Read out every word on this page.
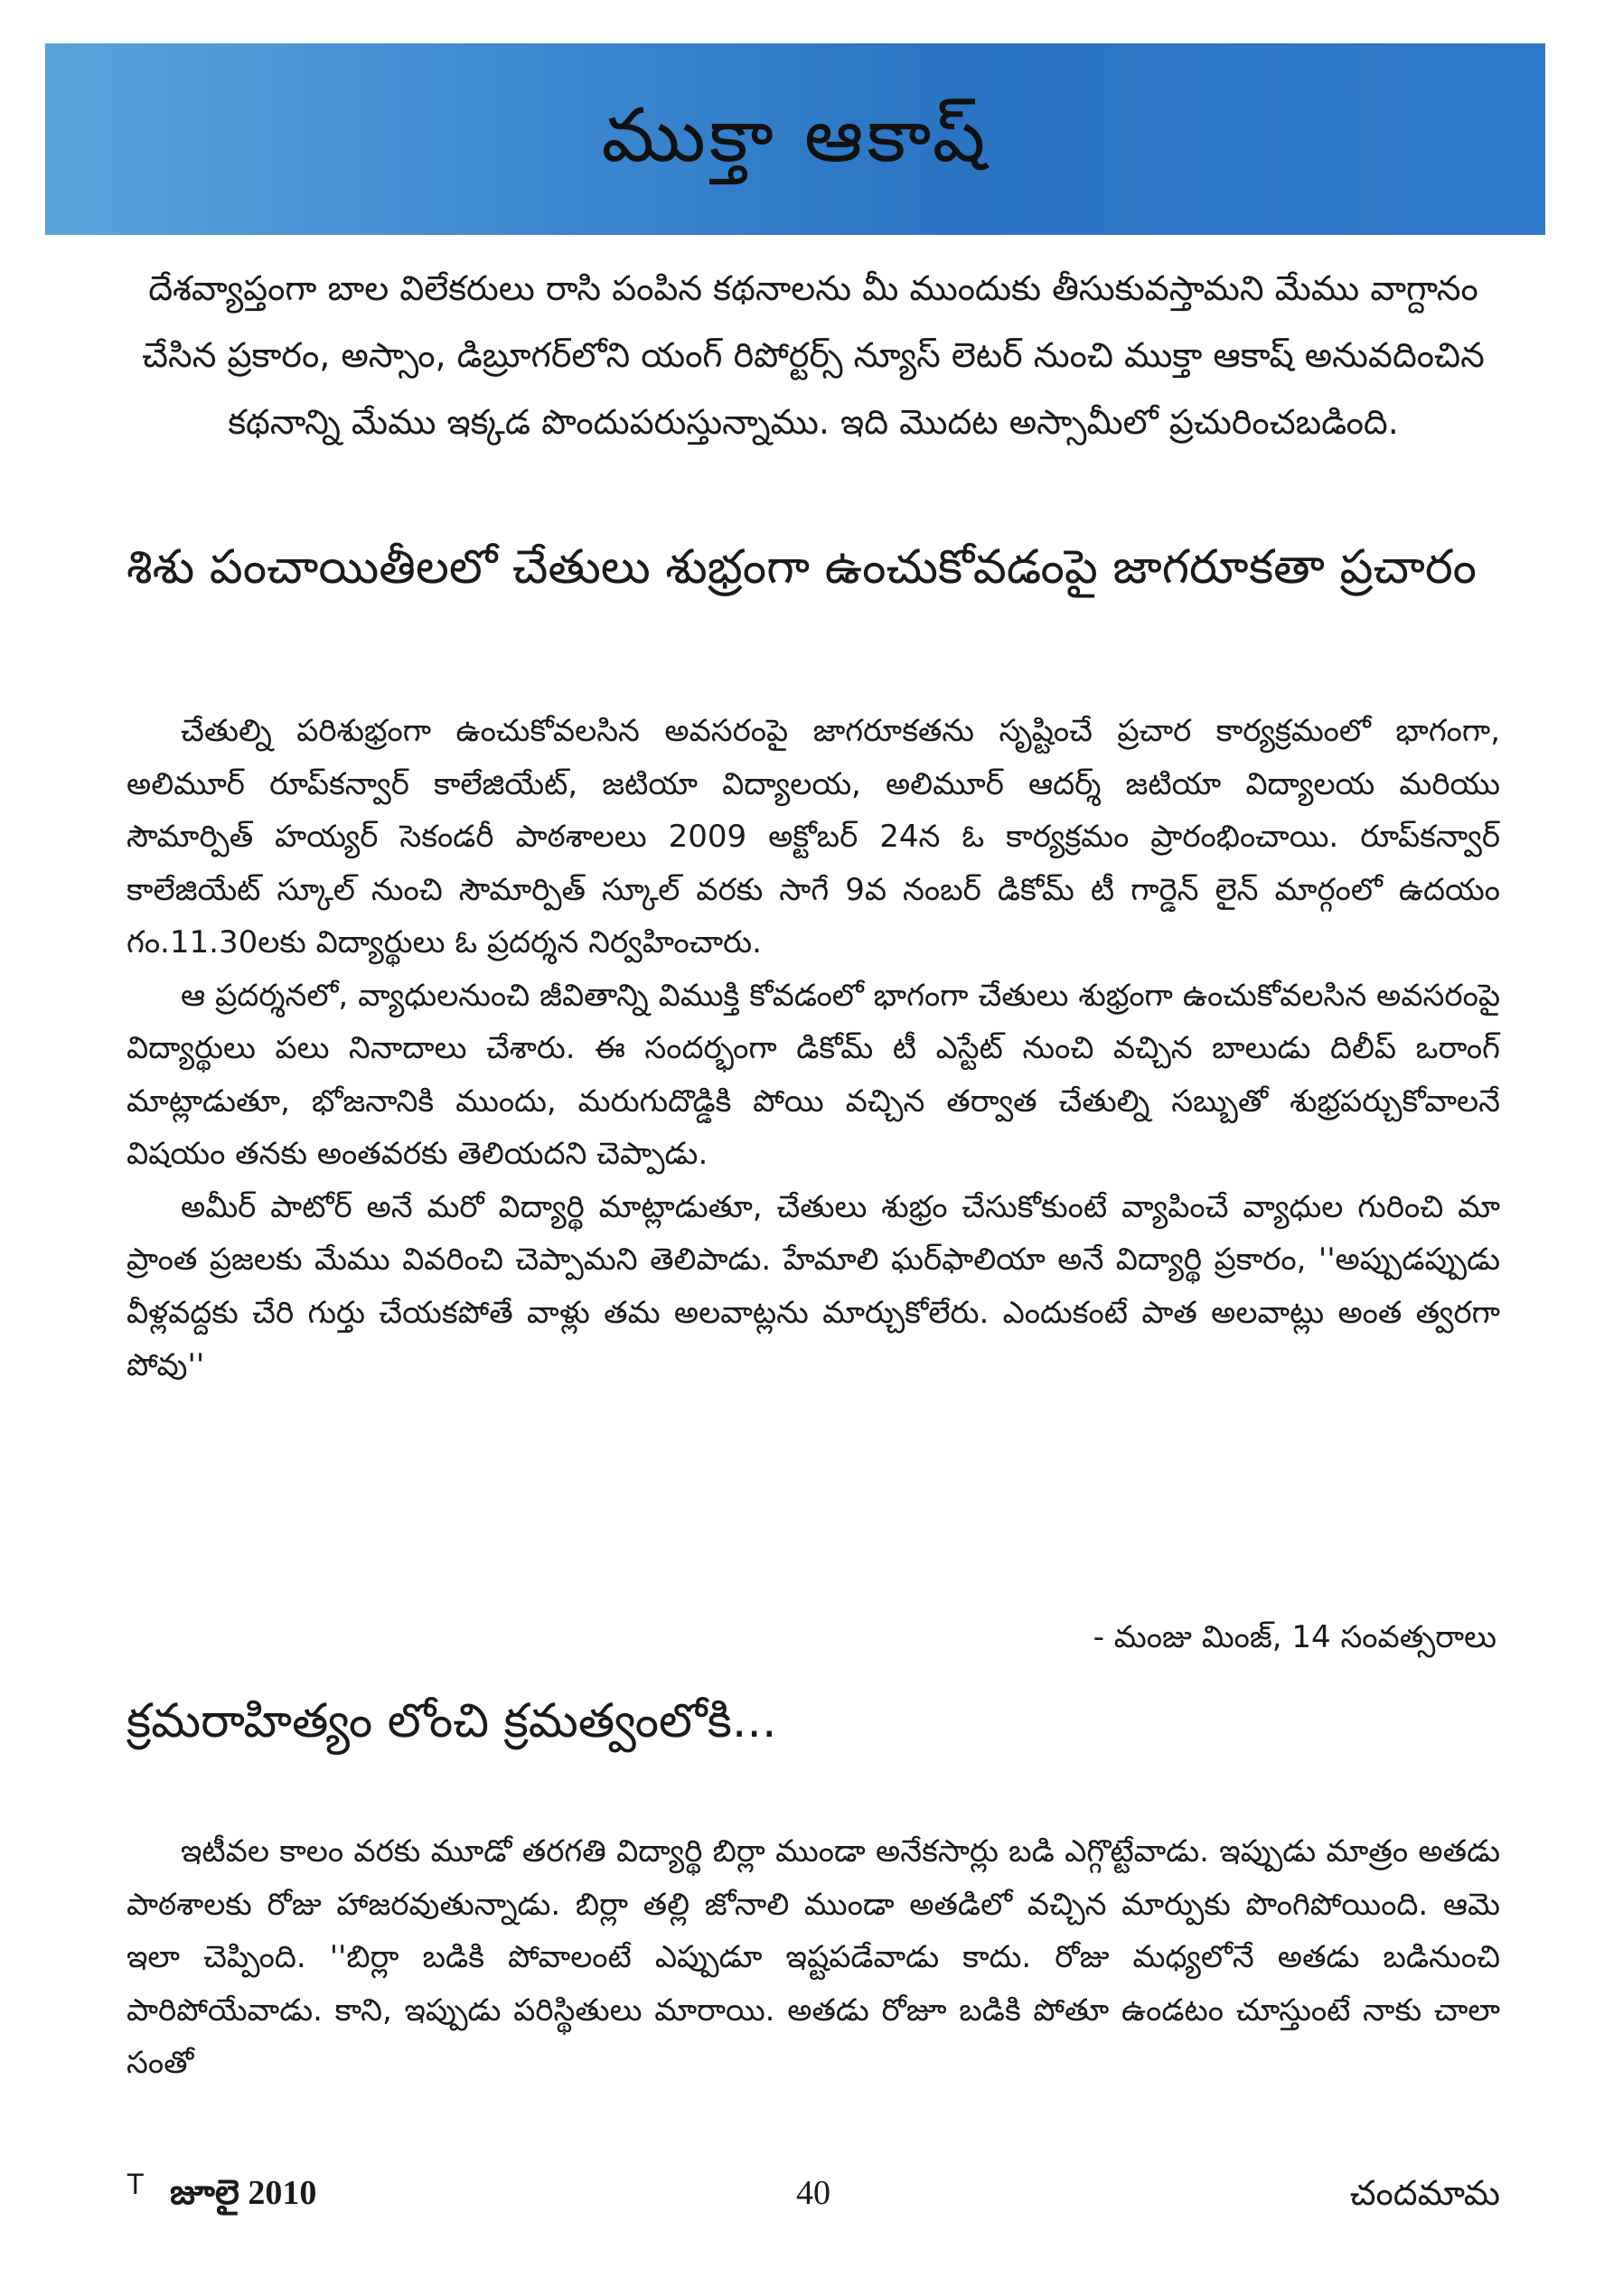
ముక్తా ఆకాష్

దేశవ్యాప్తంగా బాల విలేకరులు రాసి పంపిన కథనాలను మీ ముందుకు తీసుకువస్తామని మేము వాగ్దానం చేసిన ప్రకారం, అస్సాం, డిబ్రూగర్‌లోని యంగ్ రిపోర్టర్స్ న్యూస్ లెటర్ నుంచి ముక్తా ఆకాష్ అనువదించిన కథనాన్ని మేము ఇక్కడ పొందుపరుస్తున్నాము. ఇది మొదట అస్సామీలో ప్రచురించబడింది.

శిశు పంచాయితీలలో చేతులు శుభ్రంగా ఉంచుకోవడంపై జాగరూకతా ప్రచారం

చేతుల్ని పరిశుభ్రంగా ఉంచుకోవలసిన అవసరంపై జాగరూకతను సృష్టించే ప్రచార కార్యక్రమంలో భాగంగా, అలిమూర్ రూప్‌కన్వార్ కాలేజియేట్, జటియా విద్యాలయ, అలిమూర్ ఆదర్శ్ జటియా విద్యాలయ మరియు సౌమార్పిత్ హయ్యర్ సెకండరీ పాఠశాలలు 2009 అక్టోబర్ 24న ఓ కార్యక్రమం ప్రారంభించాయి. రూప్‌కన్వార్ కాలేజియేట్ స్కూల్ నుంచి సౌమార్పిత్ స్కూల్ వరకు సాగే 9వ నంబర్ డికోమ్ టీ గార్డెన్ లైన్ మార్గంలో ఉదయం గం.11.30లకు విద్యార్థులు ఓ ప్రదర్శన నిర్వహించారు.

ఆ ప్రదర్శనలో, వ్యాధులనుంచి జీవితాన్ని విముక్తి కోవడంలో భాగంగా చేతులు శుభ్రంగా ఉంచుకోవలసిన అవసరంపై విద్యార్థులు పలు నినాదాలు చేశారు. ఈ సందర్భంగా డికోమ్ టీ ఎస్టేట్ నుంచి వచ్చిన బాలుడు దిలీప్ ఒరాంగ్ మాట్లాడుతూ, భోజనానికి ముందు, మరుగుదొడ్డికి పోయి వచ్చిన తర్వాత చేతుల్ని సబ్బుతో శుభ్రపర్చుకోవాలనే విషయం తనకు అంతవరకు తెలియదని చెప్పాడు.

అమీర్ పాటోర్ అనే మరో విద్యార్థి మాట్లాడుతూ, చేతులు శుభ్రం చేసుకోకుంటే వ్యాపించే వ్యాధుల గురించి మా ప్రాంత ప్రజలకు మేము వివరించి చెప్పామని తెలిపాడు. హేమాలి ఘర్‌ఫాలియా అనే విద్యార్థి ప్రకారం, ''అప్పుడప్పుడు వీళ్లవద్దకు చేరి గుర్తు చేయకపోతే వాళ్లు తమ అలవాట్లను మార్చుకోలేరు. ఎందుకంటే పాత అలవాట్లు అంత త్వరగా పోవు''

- మంజు మింజ్, 14 సంవత్సరాలు
క్రమరాహిత్యం లోంచి క్రమత్వంలోకి...

ఇటీవల కాలం వరకు మూడో తరగతి విద్యార్థి బిర్లా ముండా అనేకసార్లు బడి ఎగ్గొట్టేవాడు. ఇప్పుడు మాత్రం అతడు పాఠశాలకు రోజు హాజరవుతున్నాడు. బిర్లా తల్లి జోనాలి ముండా అతడిలో వచ్చిన మార్పుకు పొంగిపోయింది. ఆమె ఇలా చెప్పింది. ''బిర్లా బడికి పోవాలంటే ఎప్పుడూ ఇష్టపడేవాడు కాదు. రోజు మధ్యలోనే అతడు బడినుంచి పారిపోయేవాడు. కాని, ఇప్పుడు పరిస్థితులు మారాయి. అతడు రోజూ బడికి పోతూ ఉండటం చూస్తుంటే నాకు చాలా సంతో

T జూలై 2010	40	చందమామ
